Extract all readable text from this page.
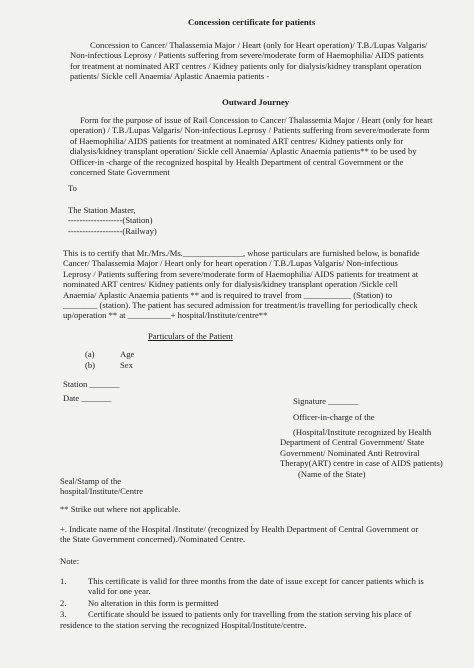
Concession certificate for patients
Concession to Cancer/ Thalassemia Major / Heart (only for Heart operation)/ T.B./Lupas Valgaris/
Non-infectious Leprosy / Patients suffering from severe/moderate form of Haemophilia/ AIDS patients
for treatment at nominated ART centres / Kidney patients only for dialysis/kidney transplant operation
patients/ Sickle cell Anaemia/ Aplastic Anaemia patients -
Outward Journey
Form for the purpose of issue of Rail Concession to Cancer/ Thalassemia Major / Heart (only for heart
operation) / T.B./Lupas Valgaris/ Non-infectious Leprosy / Patients suffering from severe/moderate form
of Haemophilia/ AIDS patients for treatment at nominated ART centres/ Kidney patients only for
dialysis/kidney transplant operation/ Sickle cell Anaemia/ Aplastic Anaemia patients** to be used by
Officer-in -charge of the recognized hospital by Health Department of central Government or the
concerned State Government
To
The Station Master,
-------------------(Station)
-------------------(Railway)
This is to certify that Mr./Mrs./Ms.______________, whose particulars are furnished below, is bonafide
Cancer/ Thalassemia Major / Heart only for heart operation / T.B./Lupas Valgaris/ Non-infectious
Leprosy / Patients suffering from severe/moderate form of Haemophilia/ AIDS patients for treatment at
nominated ART centres/ Kidney patients only for dialysis/kidney transplant operation /Sickle cell
Anaemia/ Aplastic Anaemia patients ** and is required to travel from ___________ (Station) to
________ (station). The patient has secured admission for treatment/is travelling for periodically check
up/operation ** at __________+ hospital/Institute/centre**
Particulars of the Patient
(a)	Age
(b)	Sex
Station _______
Date _______	Signature _______
Officer-in-charge of the
(Hospital/Institute recognized by Health
Department of Central Government/ State
Government/ Nominated Anti Retroviral
Therapy(ART) centre in case of AIDS patients)
(Name of the State)
Seal/Stamp of the
hospital/Institute/Centre
** Strike out where not applicable.
+. Indicate name of the Hospital /Institute/ (recognized by Health Department of Central Government or
the State Government concerned)./Nominated Centre.
Note:
1.	This certificate is valid for three months from the date of issue except for cancer patients which is
valid for one year.
2.	No alteration in this form is permitted
3.	Certificate should be issued to patients only for travelling from the station serving his place of
residence to the station serving the recognized Hospital/Institute/centre.
